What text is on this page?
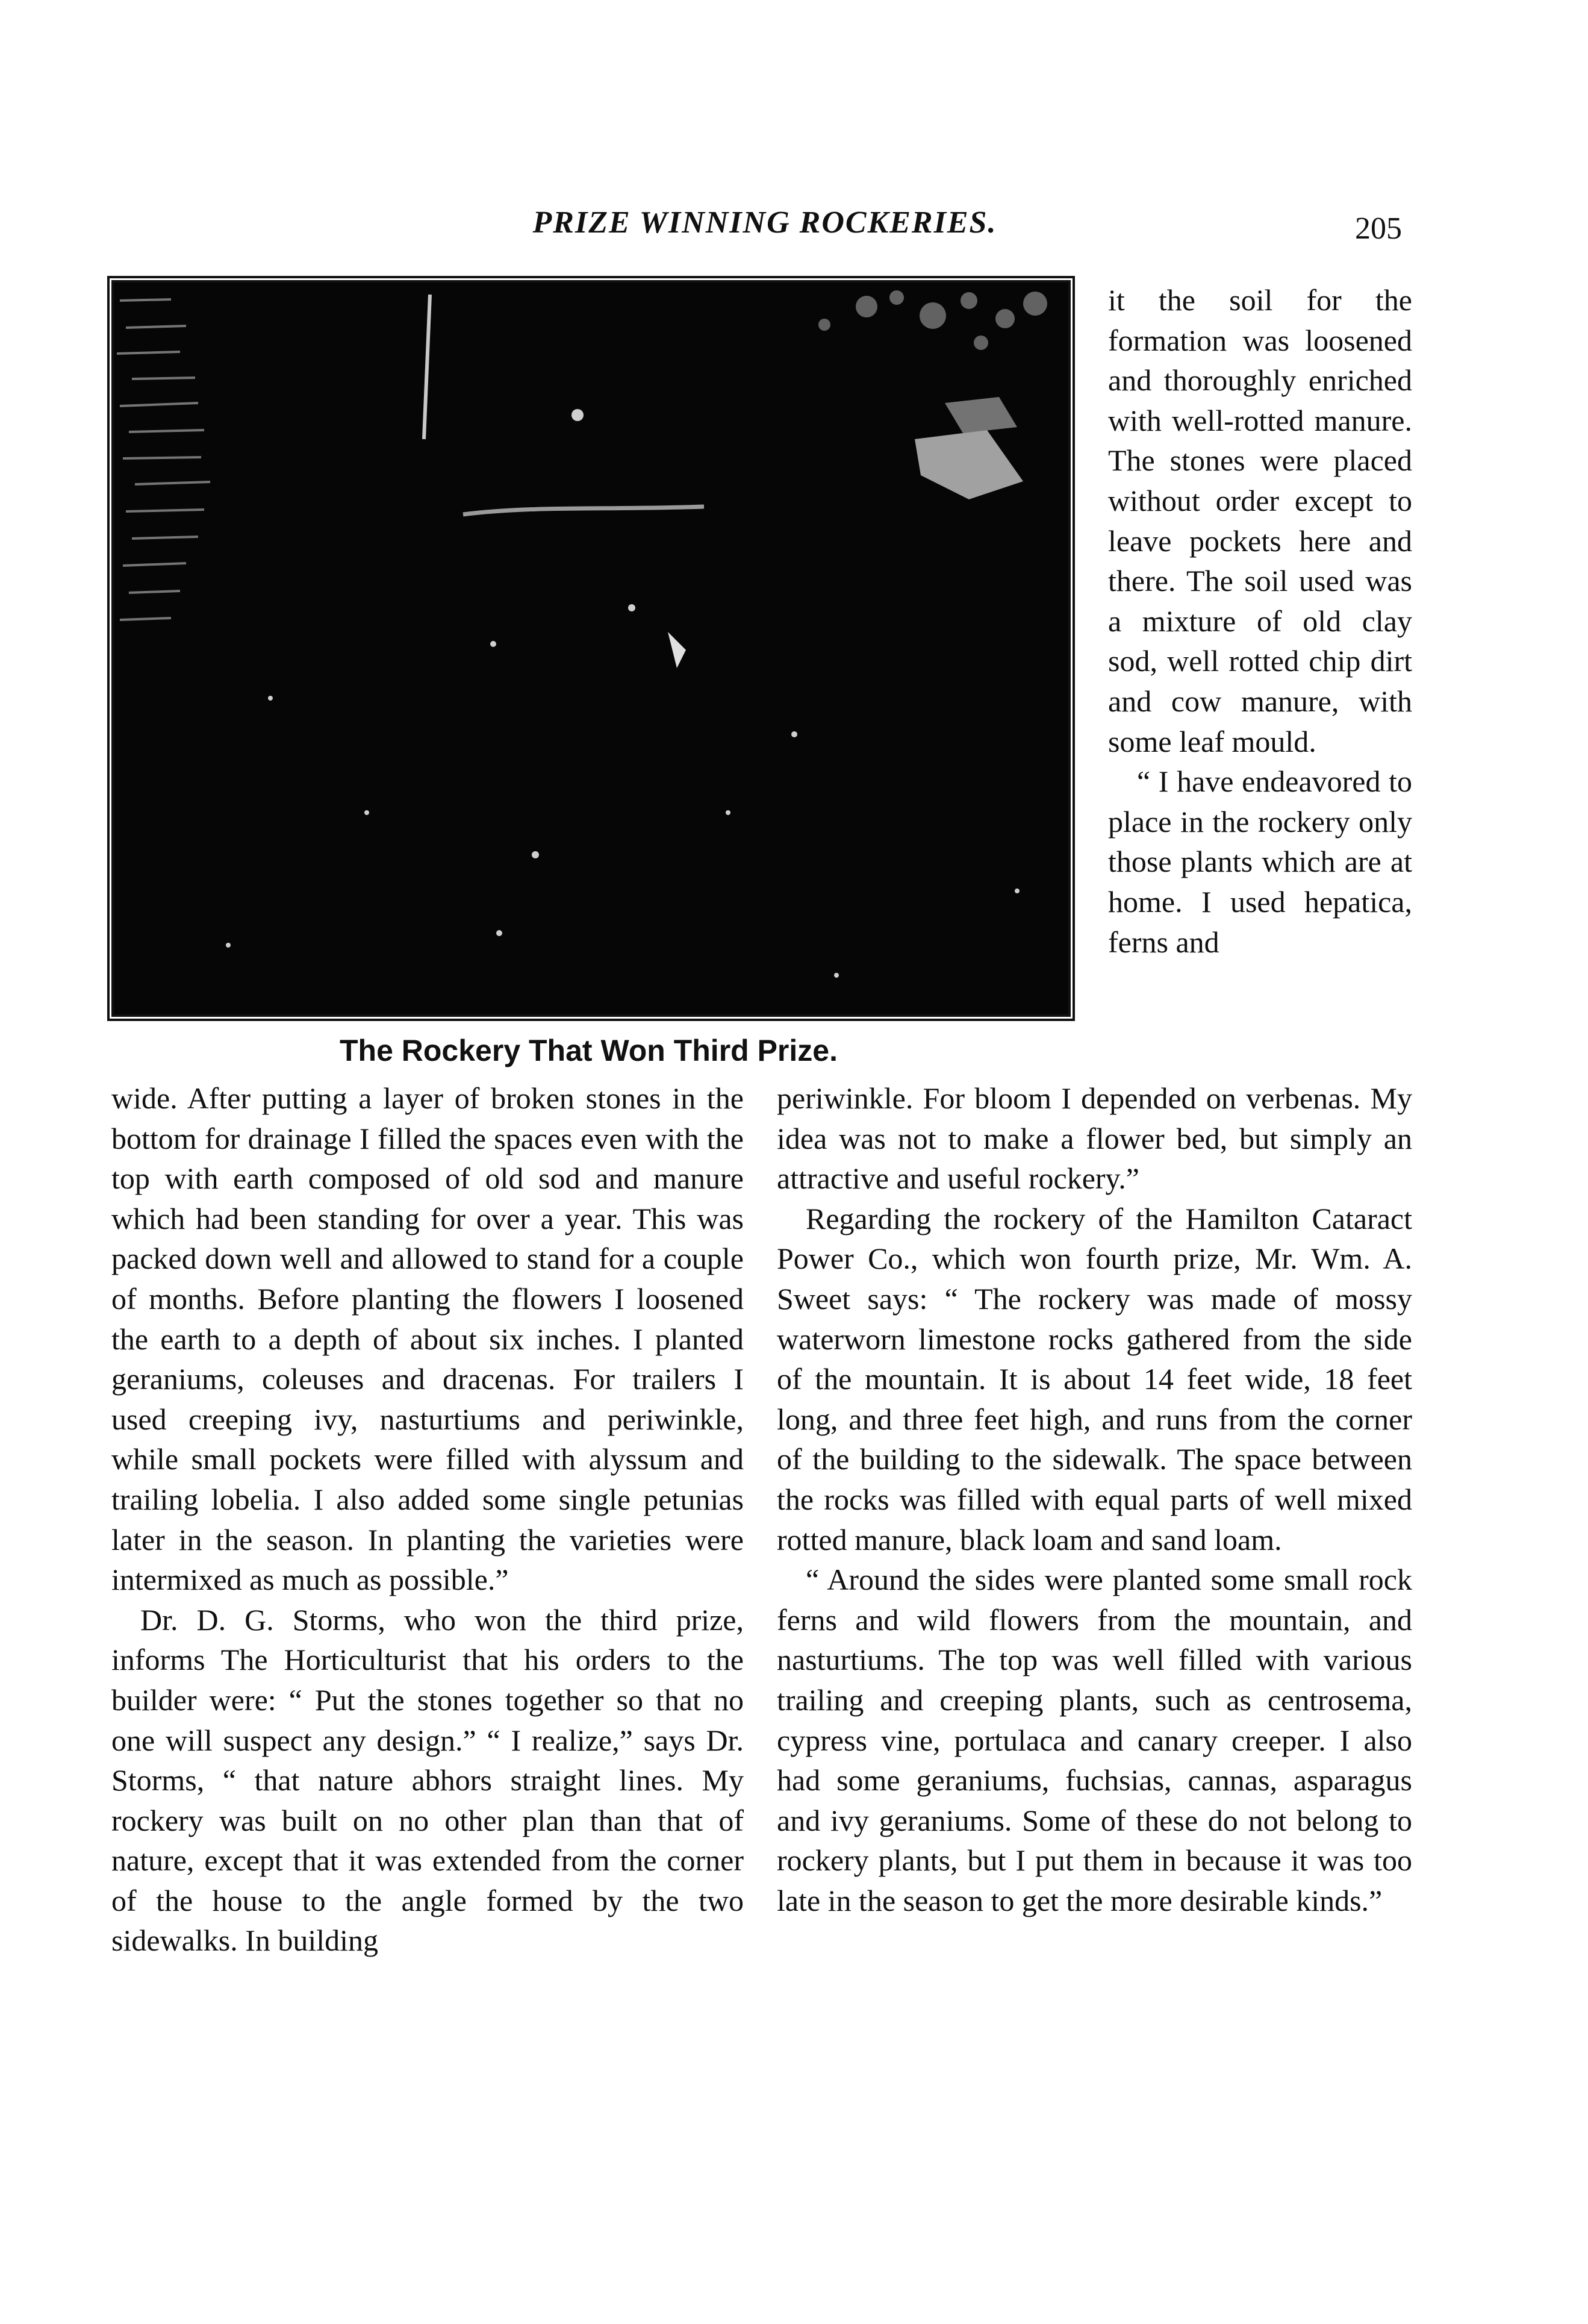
PRIZE WINNING ROCKERIES.	205
The Rockery That Won Third Prize.

it the soil for the formation was loosened and thoroughly enriched with well-rotted manure. The stones were placed without order except to leave pockets here and there. The soil used was a mixture of old clay sod, well rotted chip dirt and cow manure, with some leaf mould.

“ I have endeavored to place in the rockery only those plants which are at home. I used hepatica, ferns and

wide. After putting a layer of broken stones in the bottom for drainage I filled the spaces even with the top with earth composed of old sod and manure which had been standing for over a year. This was packed down well and allowed to stand for a couple of months. Before planting the flowers I loosened the earth to a depth of about six inches. I planted geraniums, coleuses and dracenas. For trailers I used creeping ivy, nasturtiums and periwinkle, while small pockets were filled with alyssum and trailing lobelia. I also added some single petunias later in the season. In planting the varieties were intermixed as much as possible.”

Dr. D. G. Storms, who won the third prize, informs The Horticulturist that his orders to the builder were: “ Put the stones together so that no one will suspect any design.” “ I realize,” says Dr. Storms, “ that nature abhors straight lines. My rockery was built on no other plan than that of nature, except that it was extended from the corner of the house to the angle formed by the two sidewalks. In building

periwinkle. For bloom I depended on verbenas. My idea was not to make a flower bed, but simply an attractive and useful rockery.”

Regarding the rockery of the Hamilton Cataract Power Co., which won fourth prize, Mr. Wm. A. Sweet says: “ The rockery was made of mossy waterworn limestone rocks gathered from the side of the mountain. It is about 14 feet wide, 18 feet long, and three feet high, and runs from the corner of the building to the sidewalk. The space between the rocks was filled with equal parts of well mixed rotted manure, black loam and sand loam.

“ Around the sides were planted some small rock ferns and wild flowers from the mountain, and nasturtiums. The top was well filled with various trailing and creeping plants, such as centrosema, cypress vine, portulaca and canary creeper. I also had some geraniums, fuchsias, cannas, asparagus and ivy geraniums. Some of these do not belong to rockery plants, but I put them in because it was too late in the season to get the more desirable kinds.”
